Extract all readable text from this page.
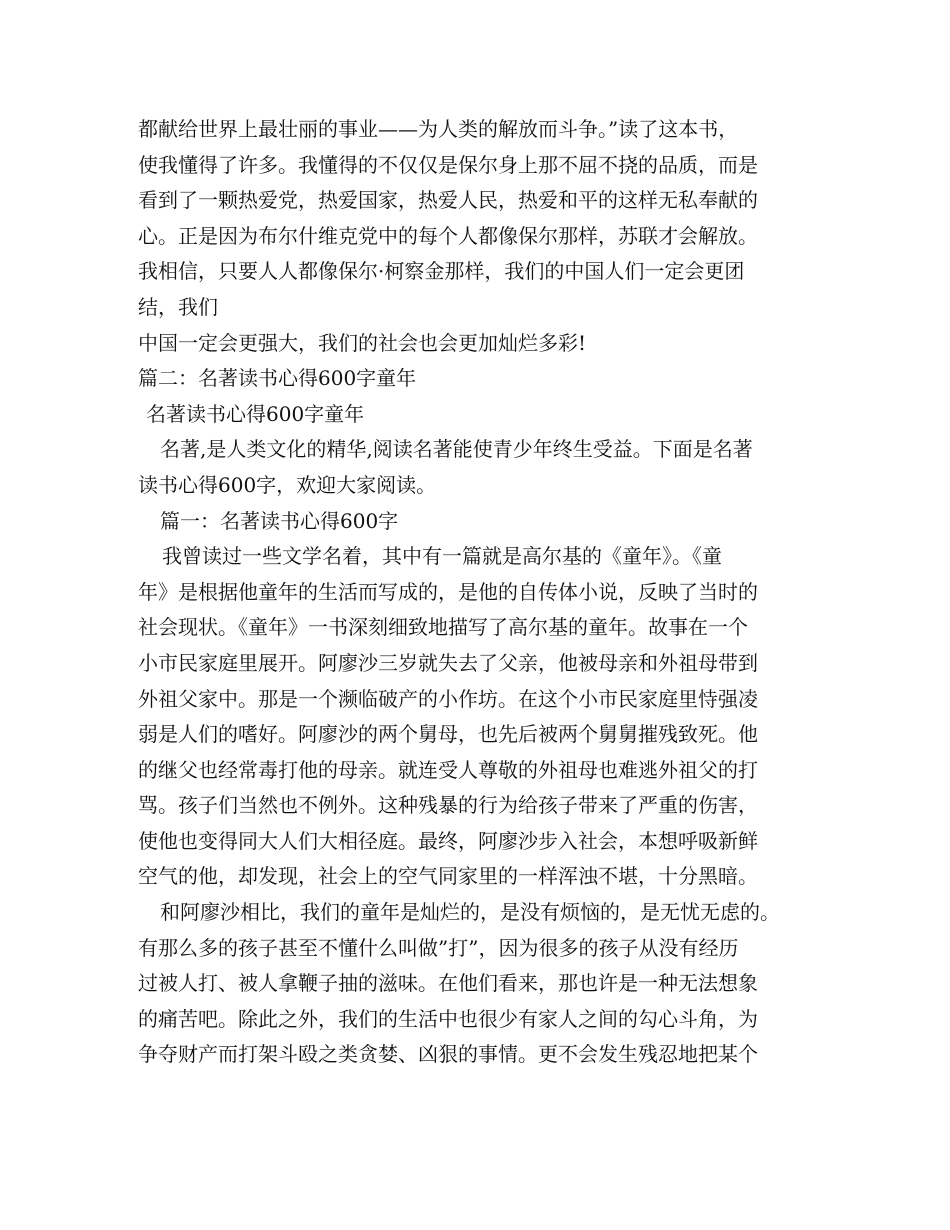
都献给世界上最壮丽的事业——为人类的解放而斗争。”读了这本书，
使我懂得了许多。我懂得的不仅仅是保尔身上那不屈不挠的品质，而是
看到了一颗热爱党，热爱国家，热爱人民，热爱和平的这样无私奉献的
心。正是因为布尔什维克党中的每个人都像保尔那样，苏联才会解放。
我相信，只要人人都像保尔·柯察金那样，我们的中国人们一定会更团
结，我们
中国一定会更强大，我们的社会也会更加灿烂多彩!
篇二：名著读书心得600字童年
名著读书心得600字童年
名著,是人类文化的精华,阅读名著能使青少年终生受益。下面是名著
读书心得600字，欢迎大家阅读。
篇一：名著读书心得600字
我曾读过一些文学名着，其中有一篇就是高尔基的《童年》。《童
年》是根据他童年的生活而写成的，是他的自传体小说，反映了当时的
社会现状。《童年》一书深刻细致地描写了高尔基的童年。故事在一个
小市民家庭里展开。阿廖沙三岁就失去了父亲，他被母亲和外祖母带到
外祖父家中。那是一个濒临破产的小作坊。在这个小市民家庭里恃强凌
弱是人们的嗜好。阿廖沙的两个舅母，也先后被两个舅舅摧残致死。他
的继父也经常毒打他的母亲。就连受人尊敬的外祖母也难逃外祖父的打
骂。孩子们当然也不例外。这种残暴的行为给孩子带来了严重的伤害，
使他也变得同大人们大相径庭。最终，阿廖沙步入社会，本想呼吸新鲜
空气的他，却发现，社会上的空气同家里的一样浑浊不堪，十分黑暗。
和阿廖沙相比，我们的童年是灿烂的，是没有烦恼的，是无忧无虑的。
有那么多的孩子甚至不懂什么叫做”打”，因为很多的孩子从没有经历
过被人打、被人拿鞭子抽的滋味。在他们看来，那也许是一种无法想象
的痛苦吧。除此之外，我们的生活中也很少有家人之间的勾心斗角，为
争夺财产而打架斗殴之类贪婪、凶狠的事情。更不会发生残忍地把某个
